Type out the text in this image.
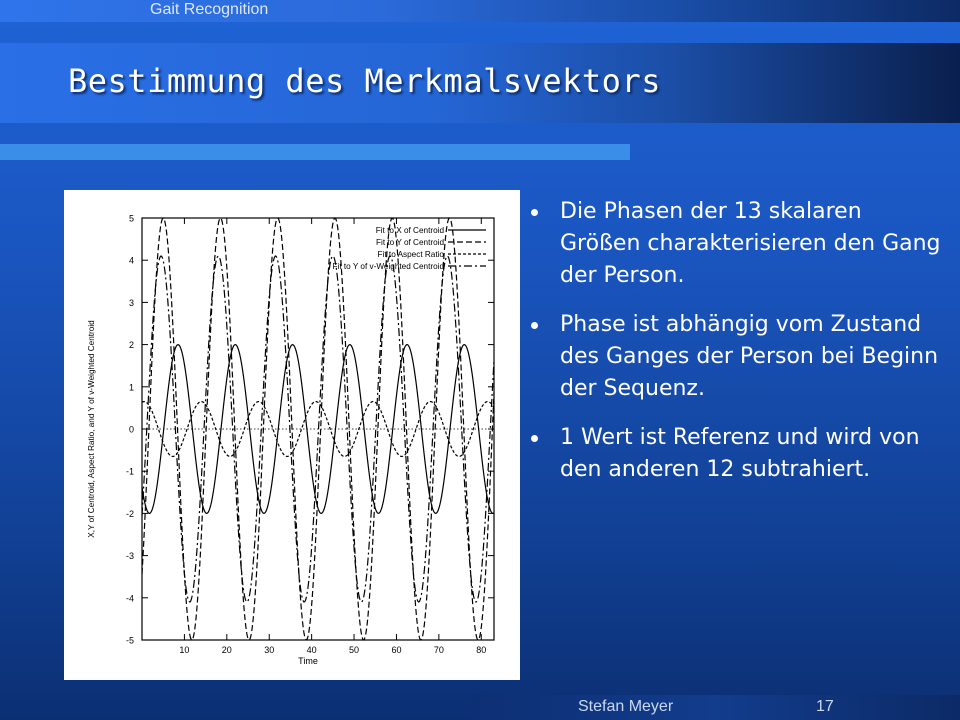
Gait Recognition
Bestimmung des Merkmalsvektors
5
4
3
2
1
0
-1
-2
-3
-4
-5
10	20	30	40	50	60	70	80
Time
X,Y of Centroid, Aspect Ratio, and Y of v-Weighted Centroid
Fit to X of Centroid
Fit to Y of Centroid
Fit to Aspect Ratio
Fit to Y of v-Weighted Centroid
Die Phasen der 13 skalaren Größen charakterisieren den Gang der Person.
Phase ist abhängig vom Zustand des Ganges der Person bei Beginn der Sequenz.
1 Wert ist Referenz und wird von den anderen 12 subtrahiert.
Stefan Meyer	17
